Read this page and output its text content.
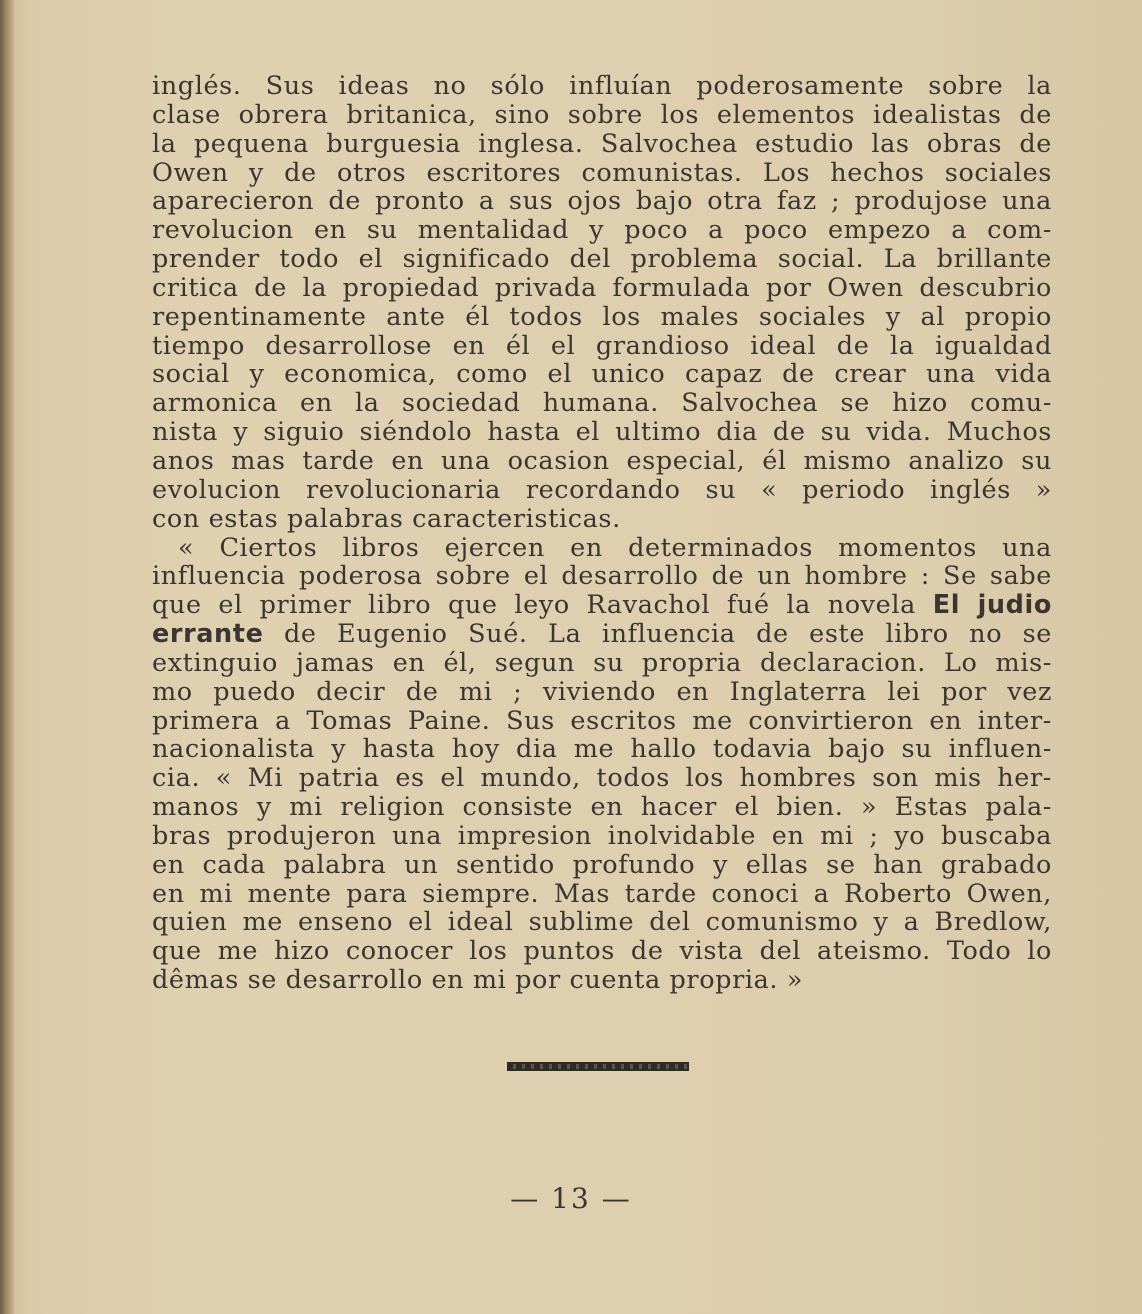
inglés. Sus ideas no sólo influían poderosamente sobre la
clase obrera britanica, sino sobre los elementos idealistas de
la pequena burguesia inglesa. Salvochea estudio las obras de
Owen y de otros escritores comunistas. Los hechos sociales
aparecieron de pronto a sus ojos bajo otra faz ; produjose una
revolucion en su mentalidad y poco a poco empezo a com-
prender todo el significado del problema social. La brillante
critica de la propiedad privada formulada por Owen descubrio
repentinamente ante él todos los males sociales y al propio
tiempo desarrollose en él el grandioso ideal de la igualdad
social y economica, como el unico capaz de crear una vida
armonica en la sociedad humana. Salvochea se hizo comu-
nista y siguio siéndolo hasta el ultimo dia de su vida. Muchos
anos mas tarde en una ocasion especial, él mismo analizo su
evolucion revolucionaria recordando su « periodo inglés »
con estas palabras caracteristicas.
« Ciertos libros ejercen en determinados momentos una
influencia poderosa sobre el desarrollo de un hombre : Se sabe
que el primer libro que leyo Ravachol fué la novela El judio
errante de Eugenio Sué. La influencia de este libro no se
extinguio jamas en él, segun su propria declaracion. Lo mis-
mo puedo decir de mi ; viviendo en Inglaterra lei por vez
primera a Tomas Paine. Sus escritos me convirtieron en inter-
nacionalista y hasta hoy dia me hallo todavia bajo su influen-
cia. « Mi patria es el mundo, todos los hombres son mis her-
manos y mi religion consiste en hacer el bien. » Estas pala-
bras produjeron una impresion inolvidable en mi ; yo buscaba
en cada palabra un sentido profundo y ellas se han grabado
en mi mente para siempre. Mas tarde conoci a Roberto Owen,
quien me enseno el ideal sublime del comunismo y a Bredlow,
que me hizo conocer los puntos de vista del ateismo. Todo lo
dêmas se desarrollo en mi por cuenta propria. »
— 13 —
